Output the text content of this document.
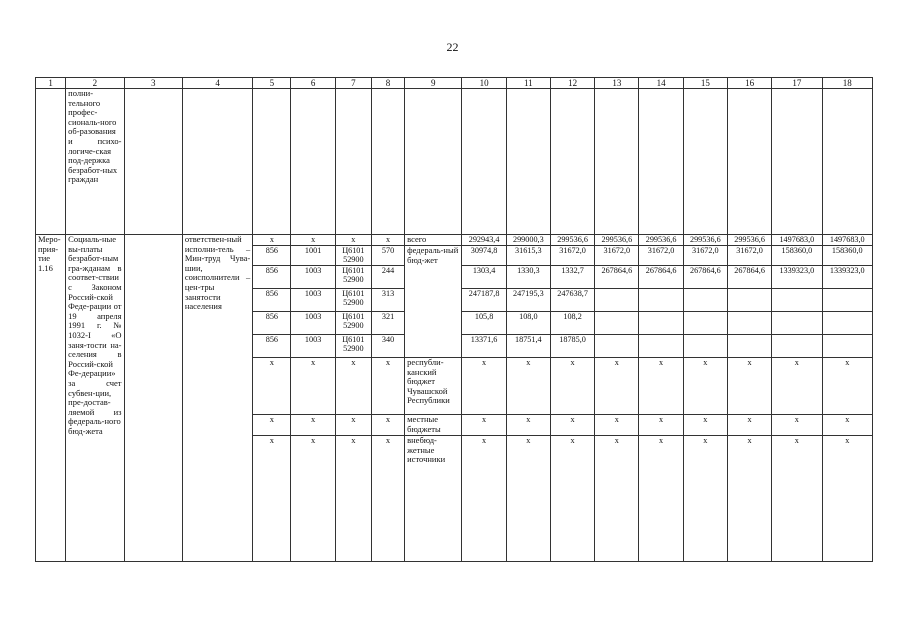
22
1	2	3	4	5	6	7	8	9	10	11	12	13	14	15	16	17	18
	полни-тельного профес-сиональ-ного об-разования и психо-логиче-ская под-держка безработ-ных граждан																
Меро-прия-тие 1.16	Социаль-ные вы-платы безработ-ным гра-жданам в соответ-ствии с Законом Россий-ской Феде-рации от 19 апреля 1991 г. № 1032-I «О заня-тости на-селения в Россий-ской Фе-дерации» за счет субвен-ции, пре-достав-ляемой из федераль-ного бюд-жета		ответствен-ный исполни-тель – Мин-труд Чува-шии, соисполнители – цен-тры занятости населения	x	x	x	x	всего	292943,4	299000,3	299536,6	299536,6	299536,6	299536,6	299536,6	1497683,0	1497683,0
				856	1001	Ц6101 52900	570	федераль-ный бюд-жет	30974,8	31615,3	31672,0	31672,0	31672,0	31672,0	31672,0	158360,0	158360,0
				856	1003	Ц6101 52900	244		1303,4	1330,3	1332,7	267864,6	267864,6	267864,6	267864,6	1339323,0	1339323,0
				856	1003	Ц6101 52900	313		247187,8	247195,3	247638,7						
				856	1003	Ц6101 52900	321		105,8	108,0	108,2						
				856	1003	Ц6101 52900	340		13371,6	18751,4	18785,0						
				x	x	x	x	республи-канский бюджет Чувашской Республики	x	x	x	x	x	x	x	x	x
				x	x	x	x	местные бюджеты	x	x	x	x	x	x	x	x	x
				x	x	x	x	внебюд-жетные источники	x	x	x	x	x	x	x	x	x
